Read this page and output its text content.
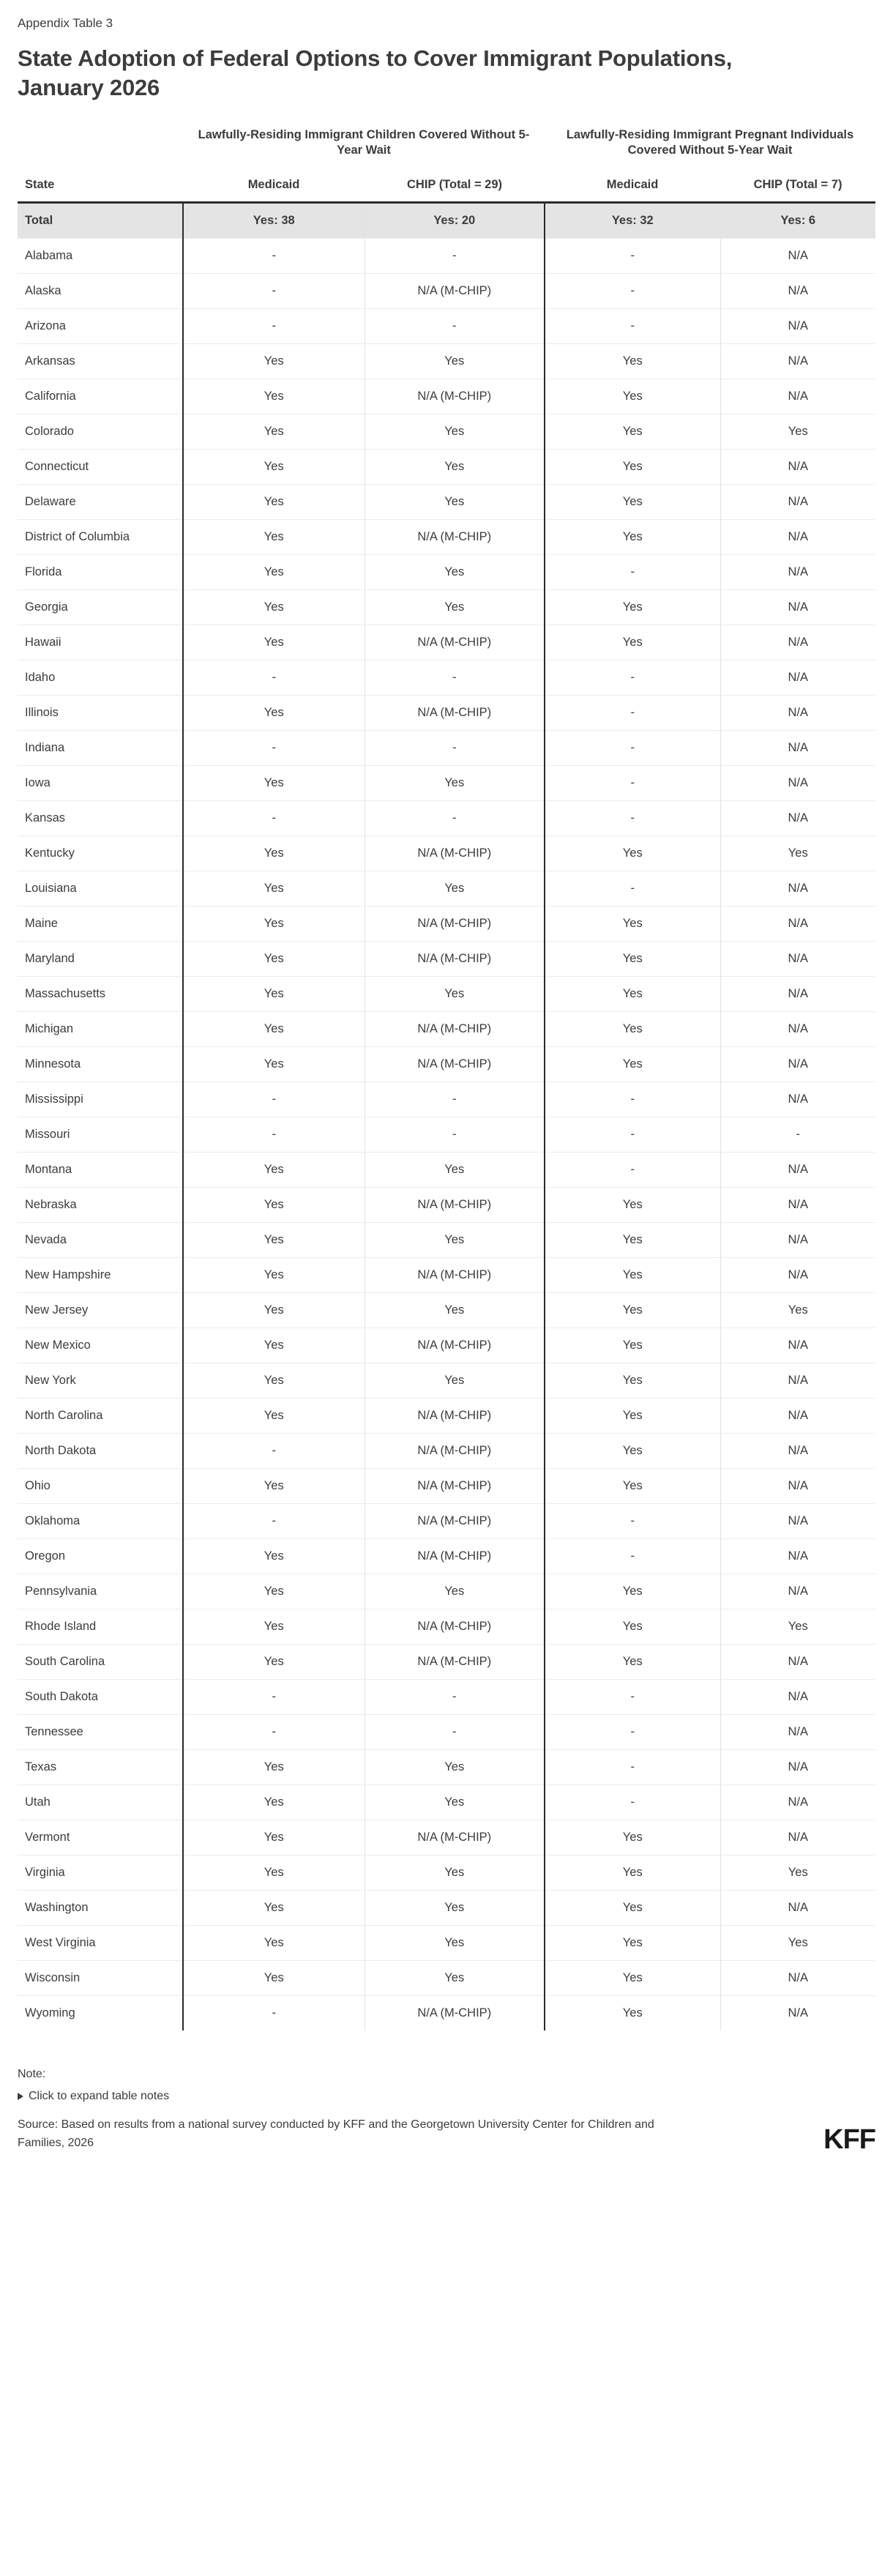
Appendix Table 3
State Adoption of Federal Options to Cover Immigrant Populations, January 2026
	Lawfully-Residing Immigrant Children Covered Without 5-Year Wait		Lawfully-Residing Immigrant Pregnant Individuals Covered Without 5-Year Wait	
State	Medicaid	CHIP (Total = 29)	Medicaid	CHIP (Total = 7)
Total	Yes: 38	Yes: 20	Yes: 32	Yes: 6
Alabama	-	-	-	N/A
Alaska	-	N/A (M-CHIP)	-	N/A
Arizona	-	-	-	N/A
Arkansas	Yes	Yes	Yes	N/A
California	Yes	N/A (M-CHIP)	Yes	N/A
Colorado	Yes	Yes	Yes	Yes
Connecticut	Yes	Yes	Yes	N/A
Delaware	Yes	Yes	Yes	N/A
District of Columbia	Yes	N/A (M-CHIP)	Yes	N/A
Florida	Yes	Yes	-	N/A
Georgia	Yes	Yes	Yes	N/A
Hawaii	Yes	N/A (M-CHIP)	Yes	N/A
Idaho	-	-	-	N/A
Illinois	Yes	N/A (M-CHIP)	-	N/A
Indiana	-	-	-	N/A
Iowa	Yes	Yes	-	N/A
Kansas	-	-	-	N/A
Kentucky	Yes	N/A (M-CHIP)	Yes	Yes
Louisiana	Yes	Yes	-	N/A
Maine	Yes	N/A (M-CHIP)	Yes	N/A
Maryland	Yes	N/A (M-CHIP)	Yes	N/A
Massachusetts	Yes	Yes	Yes	N/A
Michigan	Yes	N/A (M-CHIP)	Yes	N/A
Minnesota	Yes	N/A (M-CHIP)	Yes	N/A
Mississippi	-	-	-	N/A
Missouri	-	-	-	-
Montana	Yes	Yes	-	N/A
Nebraska	Yes	N/A (M-CHIP)	Yes	N/A
Nevada	Yes	Yes	Yes	N/A
New Hampshire	Yes	N/A (M-CHIP)	Yes	N/A
New Jersey	Yes	Yes	Yes	Yes
New Mexico	Yes	N/A (M-CHIP)	Yes	N/A
New York	Yes	Yes	Yes	N/A
North Carolina	Yes	N/A (M-CHIP)	Yes	N/A
North Dakota	-	N/A (M-CHIP)	Yes	N/A
Ohio	Yes	N/A (M-CHIP)	Yes	N/A
Oklahoma	-	N/A (M-CHIP)	-	N/A
Oregon	Yes	N/A (M-CHIP)	-	N/A
Pennsylvania	Yes	Yes	Yes	N/A
Rhode Island	Yes	N/A (M-CHIP)	Yes	Yes
South Carolina	Yes	N/A (M-CHIP)	Yes	N/A
South Dakota	-	-	-	N/A
Tennessee	-	-	-	N/A
Texas	Yes	Yes	-	N/A
Utah	Yes	Yes	-	N/A
Vermont	Yes	N/A (M-CHIP)	Yes	N/A
Virginia	Yes	Yes	Yes	Yes
Washington	Yes	Yes	Yes	N/A
West Virginia	Yes	Yes	Yes	Yes
Wisconsin	Yes	Yes	Yes	N/A
Wyoming	-	N/A (M-CHIP)	Yes	N/A
Note:
Click to expand table notes
Source: Based on results from a national survey conducted by KFF and the Georgetown University Center for Children and Families, 2026	KFF
